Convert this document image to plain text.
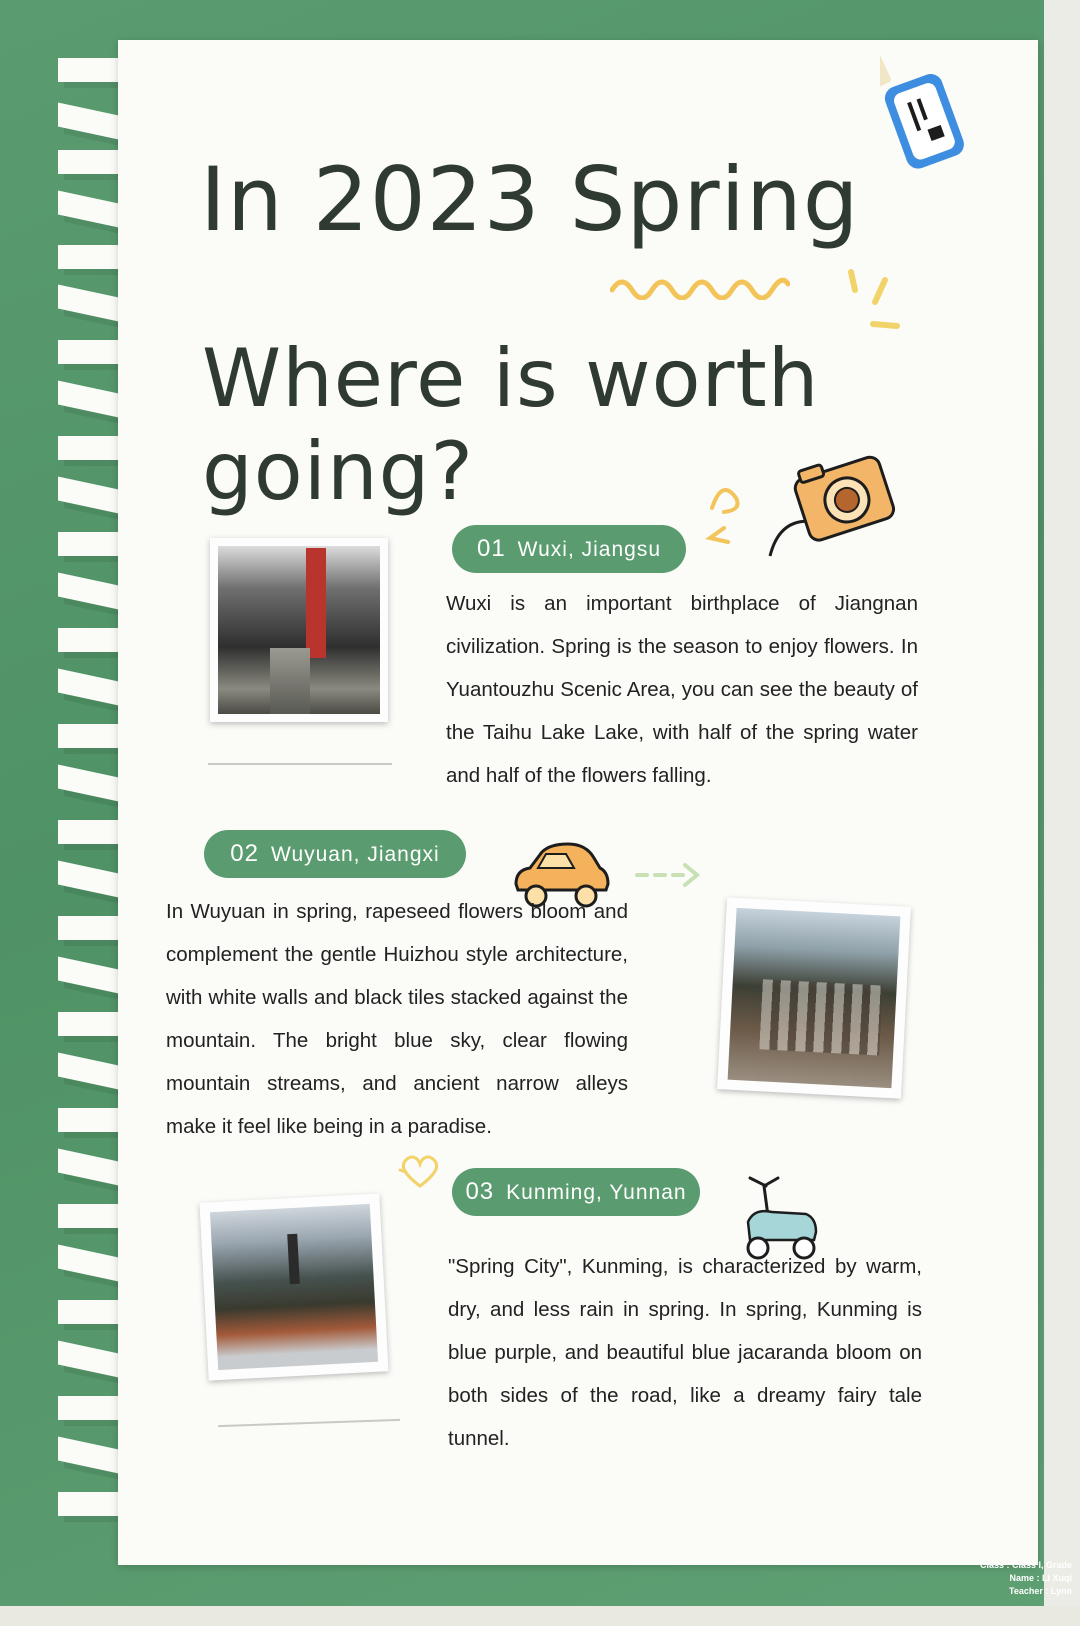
In 2023 Spring
Where is worth going?
01 Wuxi, Jiangsu
Wuxi is an important birthplace of Jiangnan civilization. Spring is the season to enjoy flowers. In Yuantouzhu Scenic Area, you can see the beauty of the Taihu Lake Lake, with half of the spring water and half of the flowers falling.
02 Wuyuan, Jiangxi
In Wuyuan in spring, rapeseed flowers bloom and complement the gentle Huizhou style architecture, with white walls and black tiles stacked against the mountain. The bright blue sky, clear flowing mountain streams, and ancient narrow alleys make it feel like being in a paradise.
03 Kunming, Yunnan
"Spring City", Kunming, is characterized by warm, dry, and less rain in spring. In spring, Kunming is blue purple, and beautiful blue jacaranda bloom on both sides of the road, like a dreamy fairy tale tunnel.
Class : Class I, Grade
Name : Li Xuqi
Teacher : Lynn
